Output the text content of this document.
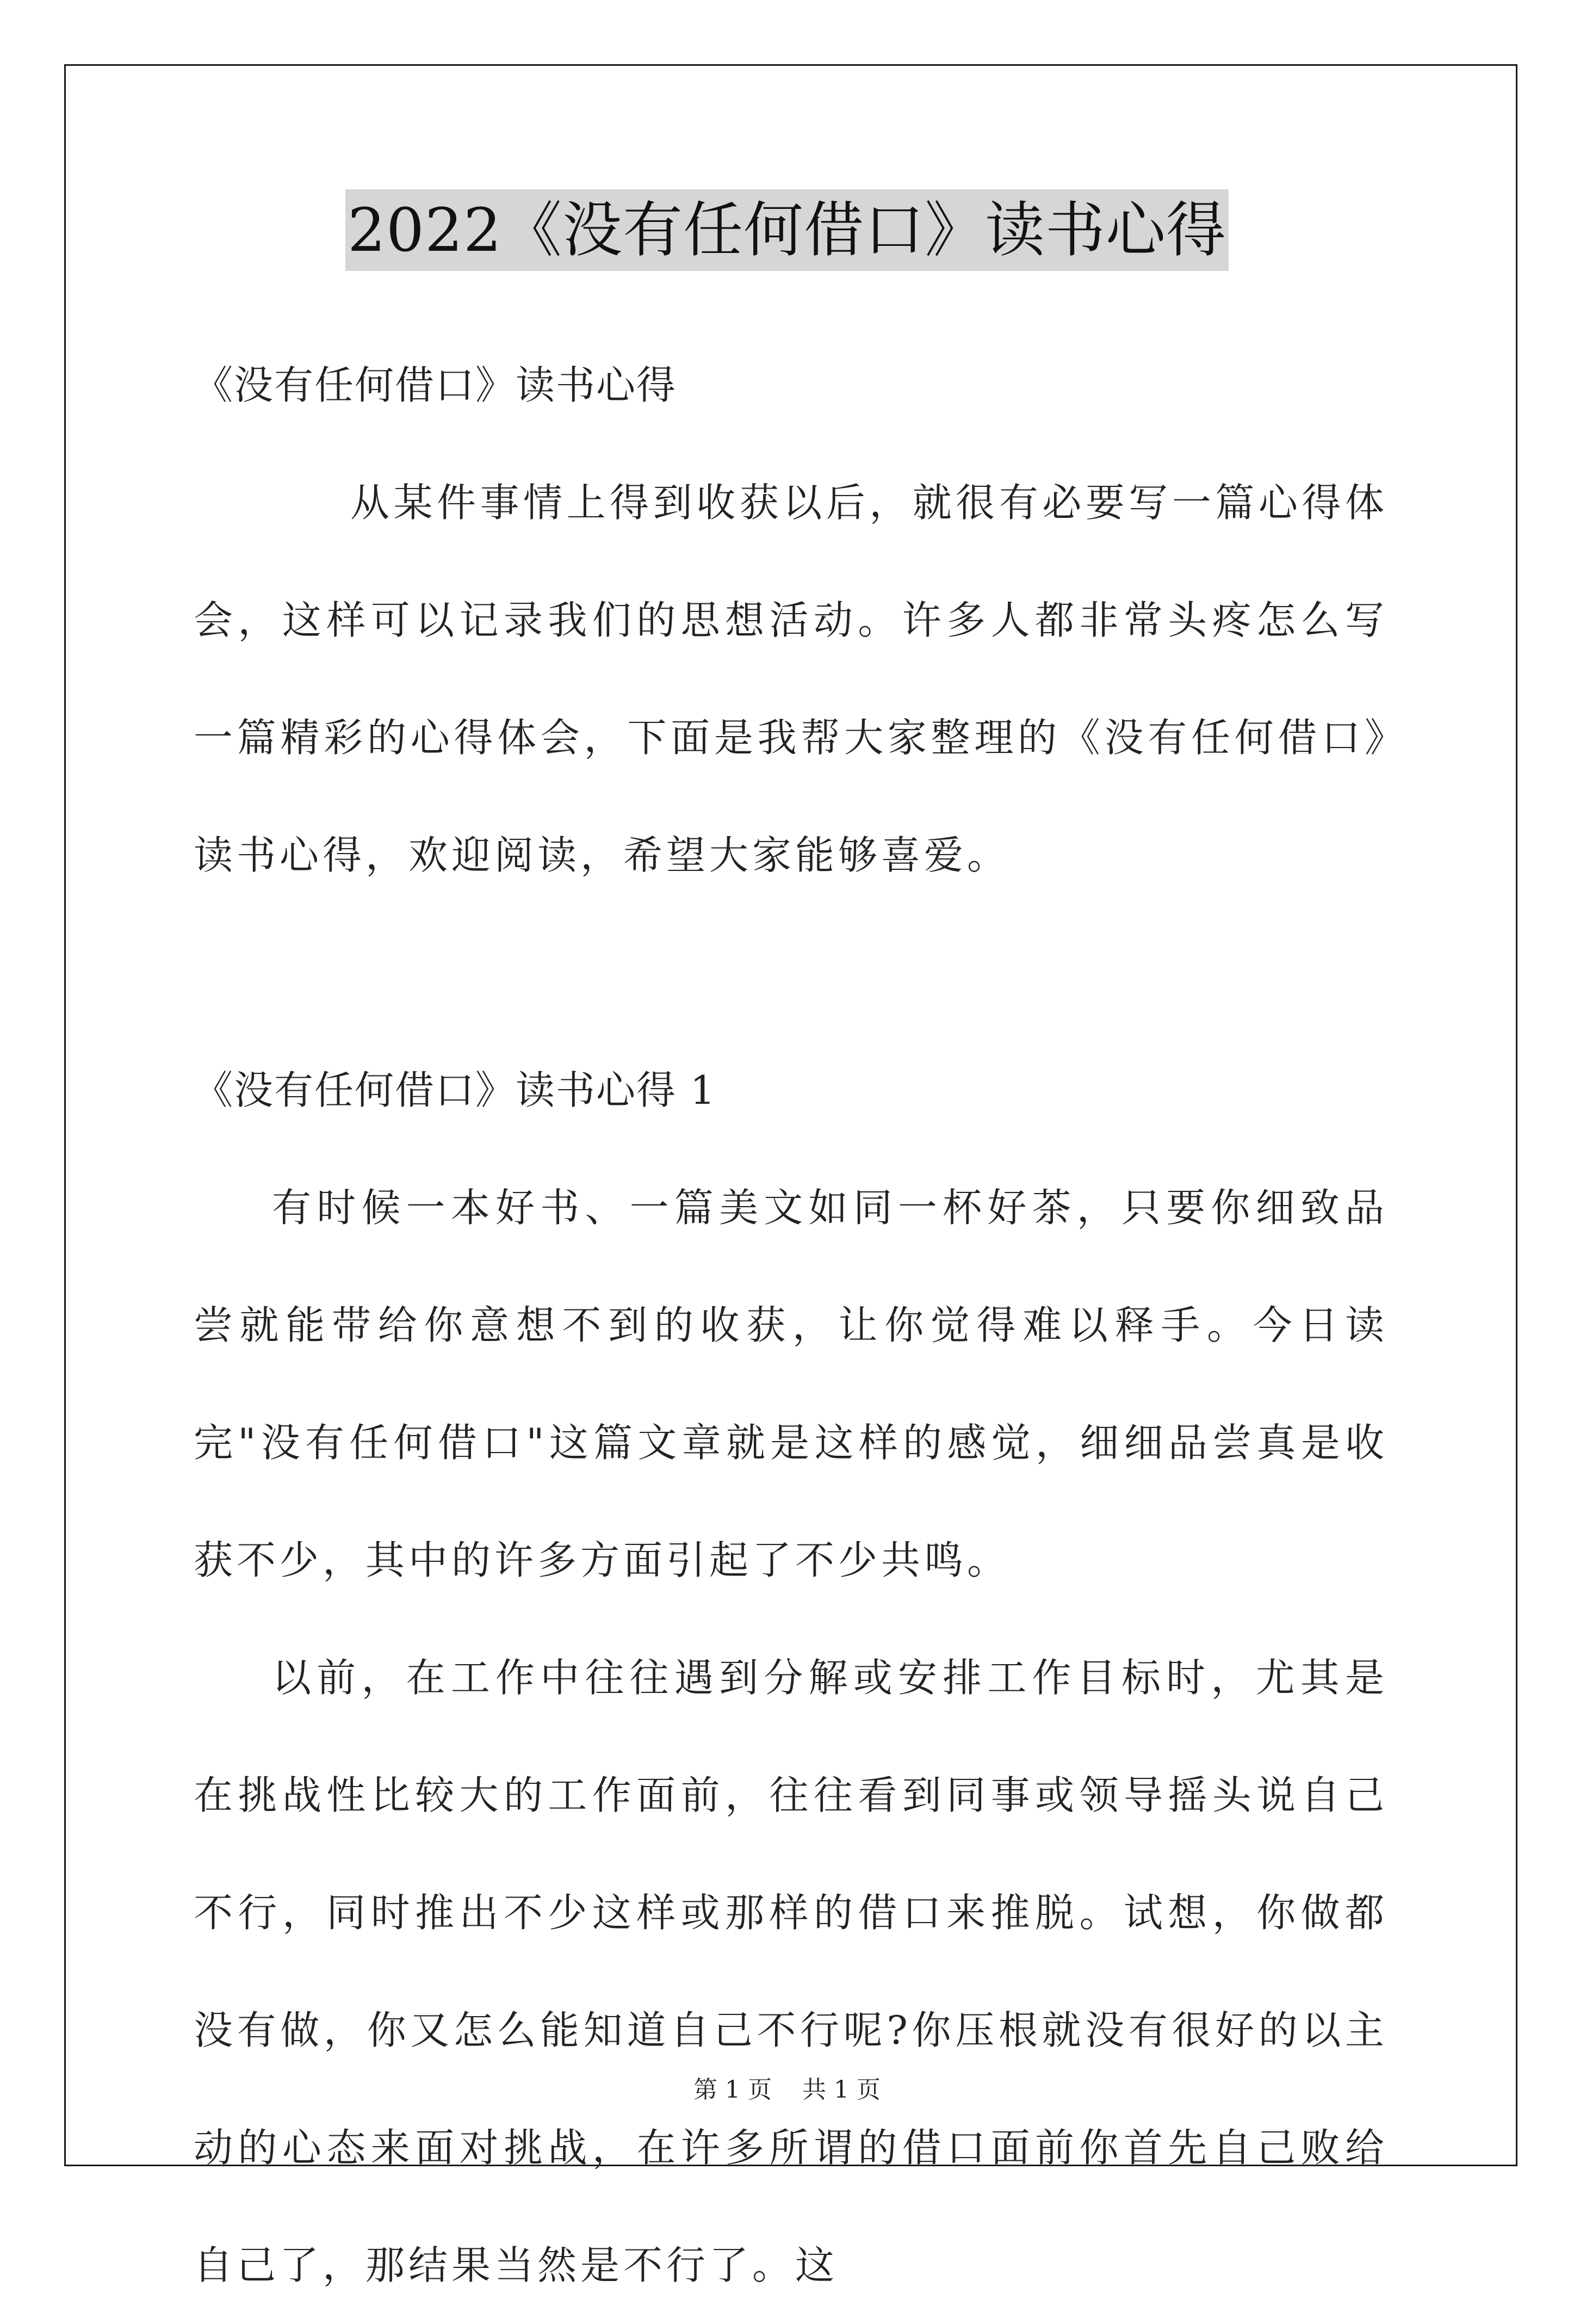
2022《没有任何借口》读书心得

《没有任何借口》读书心得

从某件事情上得到收获以后，就很有必要写一篇心得体会，这样可以记录我们的思想活动。许多人都非常头疼怎么写一篇精彩的心得体会，下面是我帮大家整理的《没有任何借口》读书心得，欢迎阅读，希望大家能够喜爱。

《没有任何借口》读书心得 1

有时候一本好书、一篇美文如同一杯好茶，只要你细致品尝就能带给你意想不到的收获，让你觉得难以释手。今日读完"没有任何借口"这篇文章就是这样的感觉，细细品尝真是收获不少，其中的许多方面引起了不少共鸣。

以前，在工作中往往遇到分解或安排工作目标时，尤其是在挑战性比较大的工作面前，往往看到同事或领导摇头说自己不行，同时推出不少这样或那样的借口来推脱。试想，你做都没有做，你又怎么能知道自己不行呢?你压根就没有很好的以主动的心态来面对挑战，在许多所谓的借口面前你首先自己败给自己了，那结果当然是不行了。这

第 1 页    共 1 页
